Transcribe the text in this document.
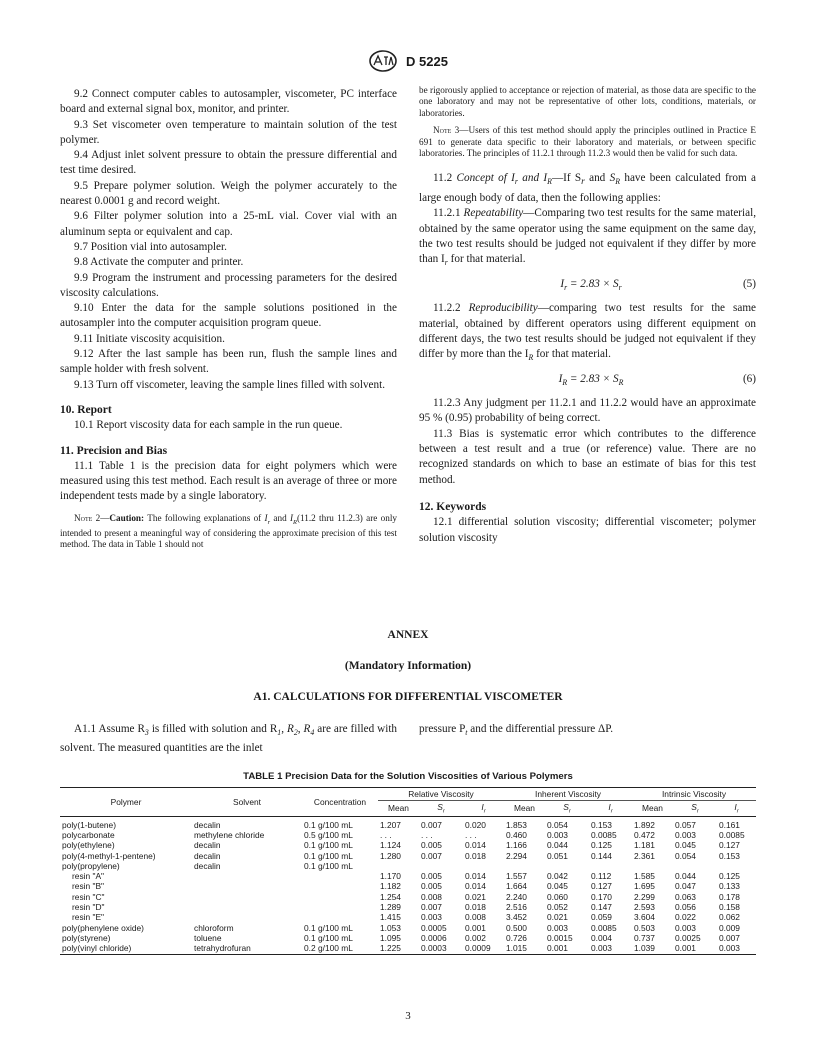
D 5225

9.2 Connect computer cables to autosampler, viscometer, PC interface board and external signal box, monitor, and printer.

9.3 Set viscometer oven temperature to maintain solution of the test polymer.

9.4 Adjust inlet solvent pressure to obtain the pressure differential and test time desired.

9.5 Prepare polymer solution. Weigh the polymer accurately to the nearest 0.0001 g and record weight.

9.6 Filter polymer solution into a 25-mL vial. Cover vial with an aluminum septa or equivalent and cap.

9.7 Position vial into autosampler.

9.8 Activate the computer and printer.

9.9 Program the instrument and processing parameters for the desired viscosity calculations.

9.10 Enter the data for the sample solutions positioned in the autosampler into the computer acquisition program queue.

9.11 Initiate viscosity acquisition.

9.12 After the last sample has been run, flush the sample lines and sample holder with fresh solvent.

9.13 Turn off viscometer, leaving the sample lines filled with solvent.

10. Report

10.1 Report viscosity data for each sample in the run queue.

11. Precision and Bias

11.1 Table 1 is the precision data for eight polymers which were measured using this test method. Each result is an average of three or more independent tests made by a single laboratory.

Note 2—Caution: The following explanations of $I_r$ and $I_R(11.2$ thru 11.2.3) are only intended to present a meaningful way of considering the approximate precision of this test method. The data in Table 1 should not

be rigorously applied to acceptance or rejection of material, as those data are specific to the one laboratory and may not be representative of other lots, conditions, materials, or laboratories.

Note 3—Users of this test method should apply the principles outlined in Practice E 691 to generate data specific to their laboratory and materials, or between specific laboratories. The principles of 11.2.1 through 11.2.3 would then be valid for such data.

11.2 Concept of $I_r$ and $I_R—If$ $S_r$ and $S_R$ have been calculated from a large enough body of data, then the following applies:

11.2.1 Repeatability—Comparing two test results for the same material, obtained by the same operator using the same equipment on the same day, the two test results should be judged not equivalent if they differ by more than $I_r$ for that material.

$I_r = 2.83 \times S_r$	(5)

11.2.2 Reproducibility—comparing two test results for the same material, obtained by different operators using different equipment on different days, the two test results should be judged not equivalent if they differ by more than the $I_R$ for that material.

$I_R = 2.83 \times S_R$	(6)

11.2.3 Any judgment per 11.2.1 and 11.2.2 would have an approximate 95 % (0.95) probability of being correct.

11.3 Bias is systematic error which contributes to the difference between a test result and a true (or reference) value. There are no recognized standards on which to base an estimate of bias for this test method.

12. Keywords

12.1 differential solution viscosity; differential viscometer; polymer solution viscosity

ANNEX
(Mandatory Information)
A1. CALCULATIONS FOR DIFFERENTIAL VISCOMETER
A1.1 Assume $R_3$ is filled with solution and $R_1$, $R_2$, $R_4$ are are filled with solvent. The measured quantities are the inlet
pressure $P_t$ and the differential pressure ΔP.
TABLE 1 Precision Data for the Solution Viscosities of Various Polymers
Polymer	Solvent	Concentration	Relative Viscosity			Inherent Viscosity			Intrinsic Viscosity		
			Mean	$S_r$	$I_r$	Mean	$S_r$	$I_r$	Mean	$S_r$	$I_r$
poly(1-butene)	decalin	0.1 g/100 mL	1.207	0.007	0.020	1.853	0.054	0.153	1.892	0.057	0.161
polycarbonate	methylene chloride	0.5 g/100 mL	. . .	. . .	. . .	0.460	0.003	0.0085	0.472	0.003	0.0085
poly(ethylene)	decalin	0.1 g/100 mL	1.124	0.005	0.014	1.166	0.044	0.125	1.181	0.045	0.127
poly(4-methyl-1-pentene)	decalin	0.1 g/100 mL	1.280	0.007	0.018	2.294	0.051	0.144	2.361	0.054	0.153
poly(propylene)	decalin	0.1 g/100 mL									
resin "A"			1.170	0.005	0.014	1.557	0.042	0.112	1.585	0.044	0.125
resin "B"			1.182	0.005	0.014	1.664	0.045	0.127	1.695	0.047	0.133
resin "C"			1.254	0.008	0.021	2.240	0.060	0.170	2.299	0.063	0.178
resin "D"			1.289	0.007	0.018	2.516	0.052	0.147	2.593	0.056	0.158
resin "E"			1.415	0.003	0.008	3.452	0.021	0.059	3.604	0.022	0.062
poly(phenylene oxide)	chloroform	0.1 g/100 mL	1.053	0.0005	0.001	0.500	0.003	0.0085	0.503	0.003	0.009
poly(styrene)	toluene	0.1 g/100 mL	1.095	0.0006	0.002	0.726	0.0015	0.004	0.737	0.0025	0.007
poly(vinyl chloride)	tetrahydrofuran	0.2 g/100 mL	1.225	0.0003	0.0009	1.015	0.001	0.003	1.039	0.001	0.003
3
